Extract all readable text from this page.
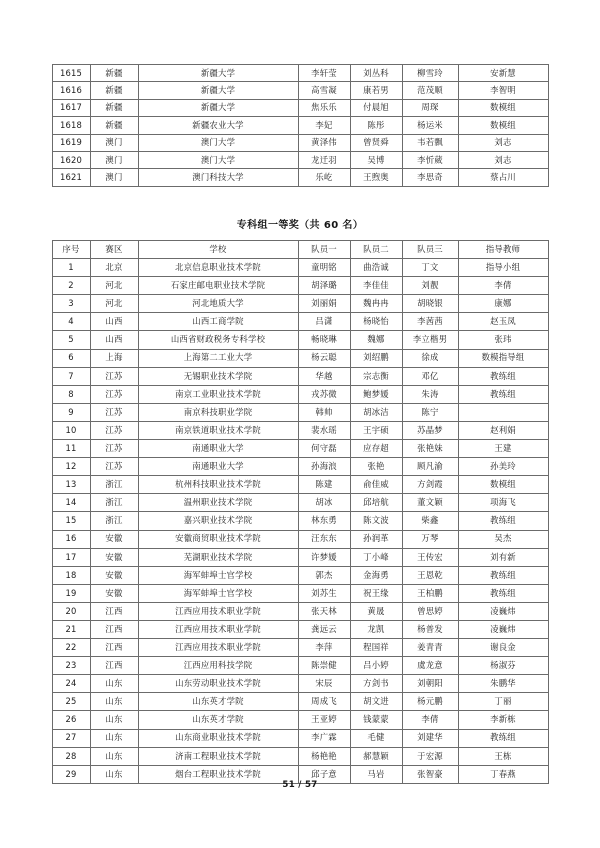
1615	新疆	新疆大学	李轩莹	刘丛科	柳雪玲	安新慧
1616	新疆	新疆大学	高雪凝	康若男	范茂顺	李智明
1617	新疆	新疆大学	焦乐乐	付晨旭	周琛	数模组
1618	新疆	新疆农业大学	李妃	陈彤	杨运米	数模组
1619	澳门	澳门大学	黄泽伟	曾贤舜	韦若飘	刘志
1620	澳门	澳门大学	龙迁羽	吴博	李忻葳	刘志
1621	澳门	澳门科技大学	乐屹	王煦奥	李思奇	蔡占川
专科组一等奖（共 60 名）
序号	赛区	学校	队员一	队员二	队员三	指导教师
1	北京	北京信息职业技术学院	童明铭	曲浩诚	丁文	指导小组
2	河北	石家庄邮电职业技术学院	胡泽璐	李佳佳	刘靓	李倩
3	河北	河北地质大学	刘丽娟	魏冉冉	胡晓银	康娜
4	山西	山西工商学院	吕潇	杨晓怡	李茜茜	赵玉凤
5	山西	山西省财政税务专科学校	畅晓琳	魏娜	李立楷男	张玮
6	上海	上海第二工业大学	杨云聪	刘绍鹏	徐成	数模指导组
7	江苏	无锡职业技术学院	华越	宗志衡	邓亿	教练组
8	江苏	南京工业职业技术学院	戎苏微	鲍梦媛	朱涛	教练组
9	江苏	南京科技职业学院	韩帅	胡冰洁	陈宁	
10	江苏	南京铁道职业技术学院	裴水瑶	王宇硕	苏晶梦	赵利娟
11	江苏	南通职业大学	何守磊	应存超	张艳妹	王建
12	江苏	南通职业大学	孙海浪	张艳	顾凡渝	孙美玲
13	浙江	杭州科技职业技术学院	陈建	俞佳威	方剑霞	数模组
14	浙江	温州职业技术学院	胡冰	邱培航	董文颖	项海飞
15	浙江	嘉兴职业技术学院	林东勇	陈文波	柴鑫	教练组
16	安徽	安徽商贸职业技术学院	汪东东	孙润革	万琴	吴杰
17	安徽	芜湖职业技术学院	许梦媛	丁小峰	王传宏	刘有新
18	安徽	海军蚌埠士官学校	郭杰	金海勇	王恩乾	教练组
19	安徽	海军蚌埠士官学校	刘苏生	祝王缘	王柏鹏	教练组
20	江西	江西应用技术职业学院	张天林	黄晟	曾思婷	凌巍炜
21	江西	江西应用技术职业学院	龚远云	龙凯	杨普发	凌巍炜
22	江西	江西应用技术职业学院	李萍	程国祥	姜青青	谢良金
23	江西	江西应用科技学院	陈崇健	吕小婷	虞龙意	杨淑芬
24	山东	山东劳动职业技术学院	宋辰	方剑书	刘朝阳	朱鹏华
25	山东	山东英才学院	周成飞	胡文进	杨元鹏	丁丽
26	山东	山东英才学院	王亚婷	钱蒙蒙	李倩	李新栋
27	山东	山东商业职业技术学院	李广霖	毛健	刘建华	教练组
28	山东	济南工程职业技术学院	杨艳艳	郝慧颖	于宏源	王栋
29	山东	烟台工程职业技术学院	邱子意	马岩	张智豪	丁春燕
51 / 57
